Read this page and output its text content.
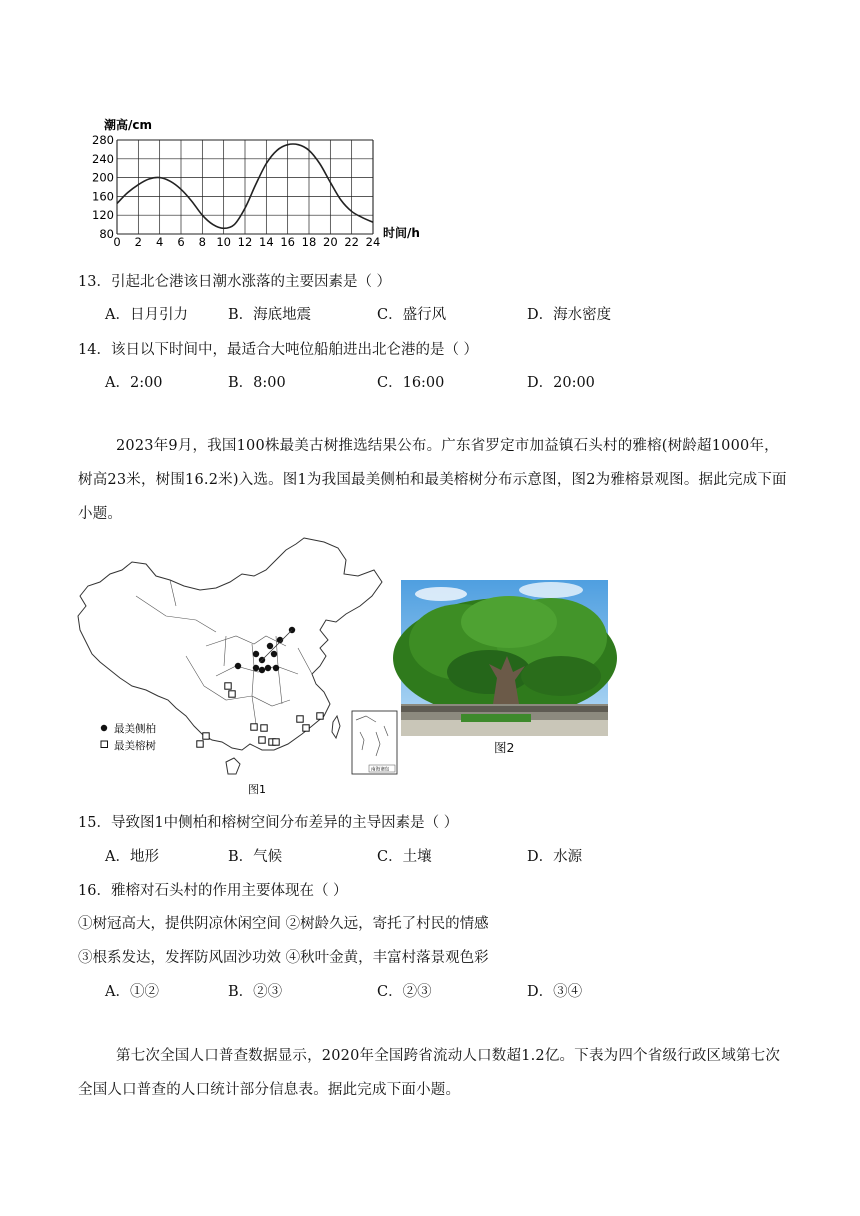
潮高/cm
280
240
200
160
120
80
0 2 4 6 8 10 12 14 16 18 20 22 24
时间/h
13．引起北仑港该日潮水涨落的主要因素是（ ）
A．日月引力	B．海底地震	C．盛行风	D．海水密度
14．该日以下时间中，最适合大吨位船舶进出北仑港的是（ ）
A．2:00	B．8:00	C．16:00	D．20:00
2023年9月，我国100株最美古树推选结果公布。广东省罗定市加益镇石头村的雅榕(树龄超1000年，树高23米，树围16.2米)入选。图1为我国最美侧柏和最美榕树分布示意图，图2为雅榕景观图。据此完成下面小题。
最美侧柏
最美榕树
图1
南海诸岛
图2
15．导致图1中侧柏和榕树空间分布差异的主导因素是（ ）
A．地形	B．气候	C．土壤	D．水源
16．雅榕对石头村的作用主要体现在（ ）
①树冠高大，提供阴凉休闲空间 ②树龄久远，寄托了村民的情感
③根系发达，发挥防风固沙功效 ④秋叶金黄，丰富村落景观色彩
A．①②	B．②③	C．②③	D．③④
第七次全国人口普查数据显示，2020年全国跨省流动人口数超1.2亿。下表为四个省级行政区域第七次全国人口普查的人口统计部分信息表。据此完成下面小题。
